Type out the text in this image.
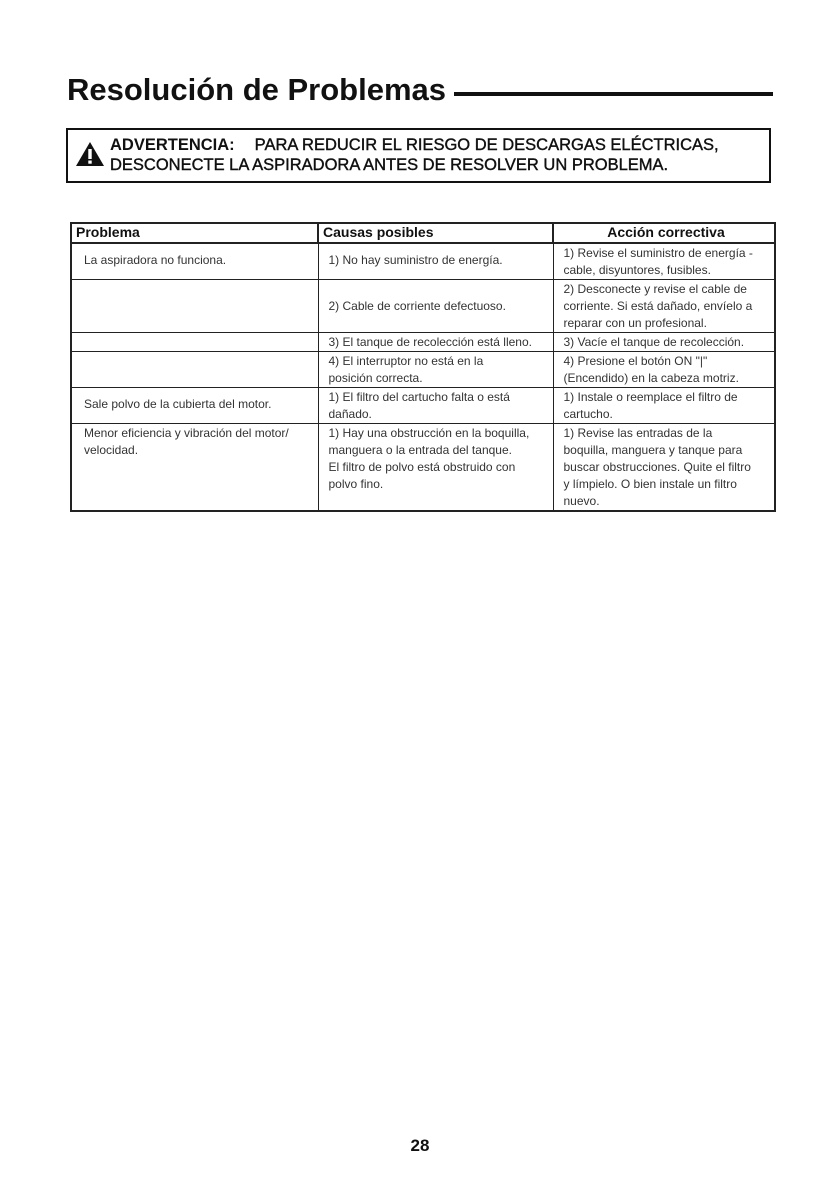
Resolución de Problemas
ADVERTENCIA: PARA REDUCIR EL RIESGO DE DESCARGAS ELÉCTRICAS,
DESCONECTE LA ASPIRADORA ANTES DE RESOLVER UN PROBLEMA.
Problema	Causas posibles	Acción correctiva

La aspiradora no funciona.	1) No hay suministro de energía.	1) Revise el suministro de energía -
cable, disyuntores, fusibles.

	2) Cable de corriente defectuoso.	2) Desconecte y revise el cable de
corriente. Si está dañado, envíelo a
reparar con un profesional.

	3) El tanque de recolección está lleno.	3) Vacíe el tanque de recolección.

	4) El interruptor no está en la
posición correcta.	4) Presione el botón ON "|"
(Encendido) en la cabeza motriz.

Sale polvo de la cubierta del motor.	1) El filtro del cartucho falta o está
dañado.	1) Instale o reemplace el filtro de
cartucho.

Menor eficiencia y vibración del motor/
velocidad.	1) Hay una obstrucción en la boquilla,
manguera o la entrada del tanque.
El filtro de polvo está obstruido con
polvo fino.	1) Revise las entradas de la
boquilla, manguera y tanque para
buscar obstrucciones. Quite el filtro
y límpielo. O bien instale un filtro
nuevo.
28
